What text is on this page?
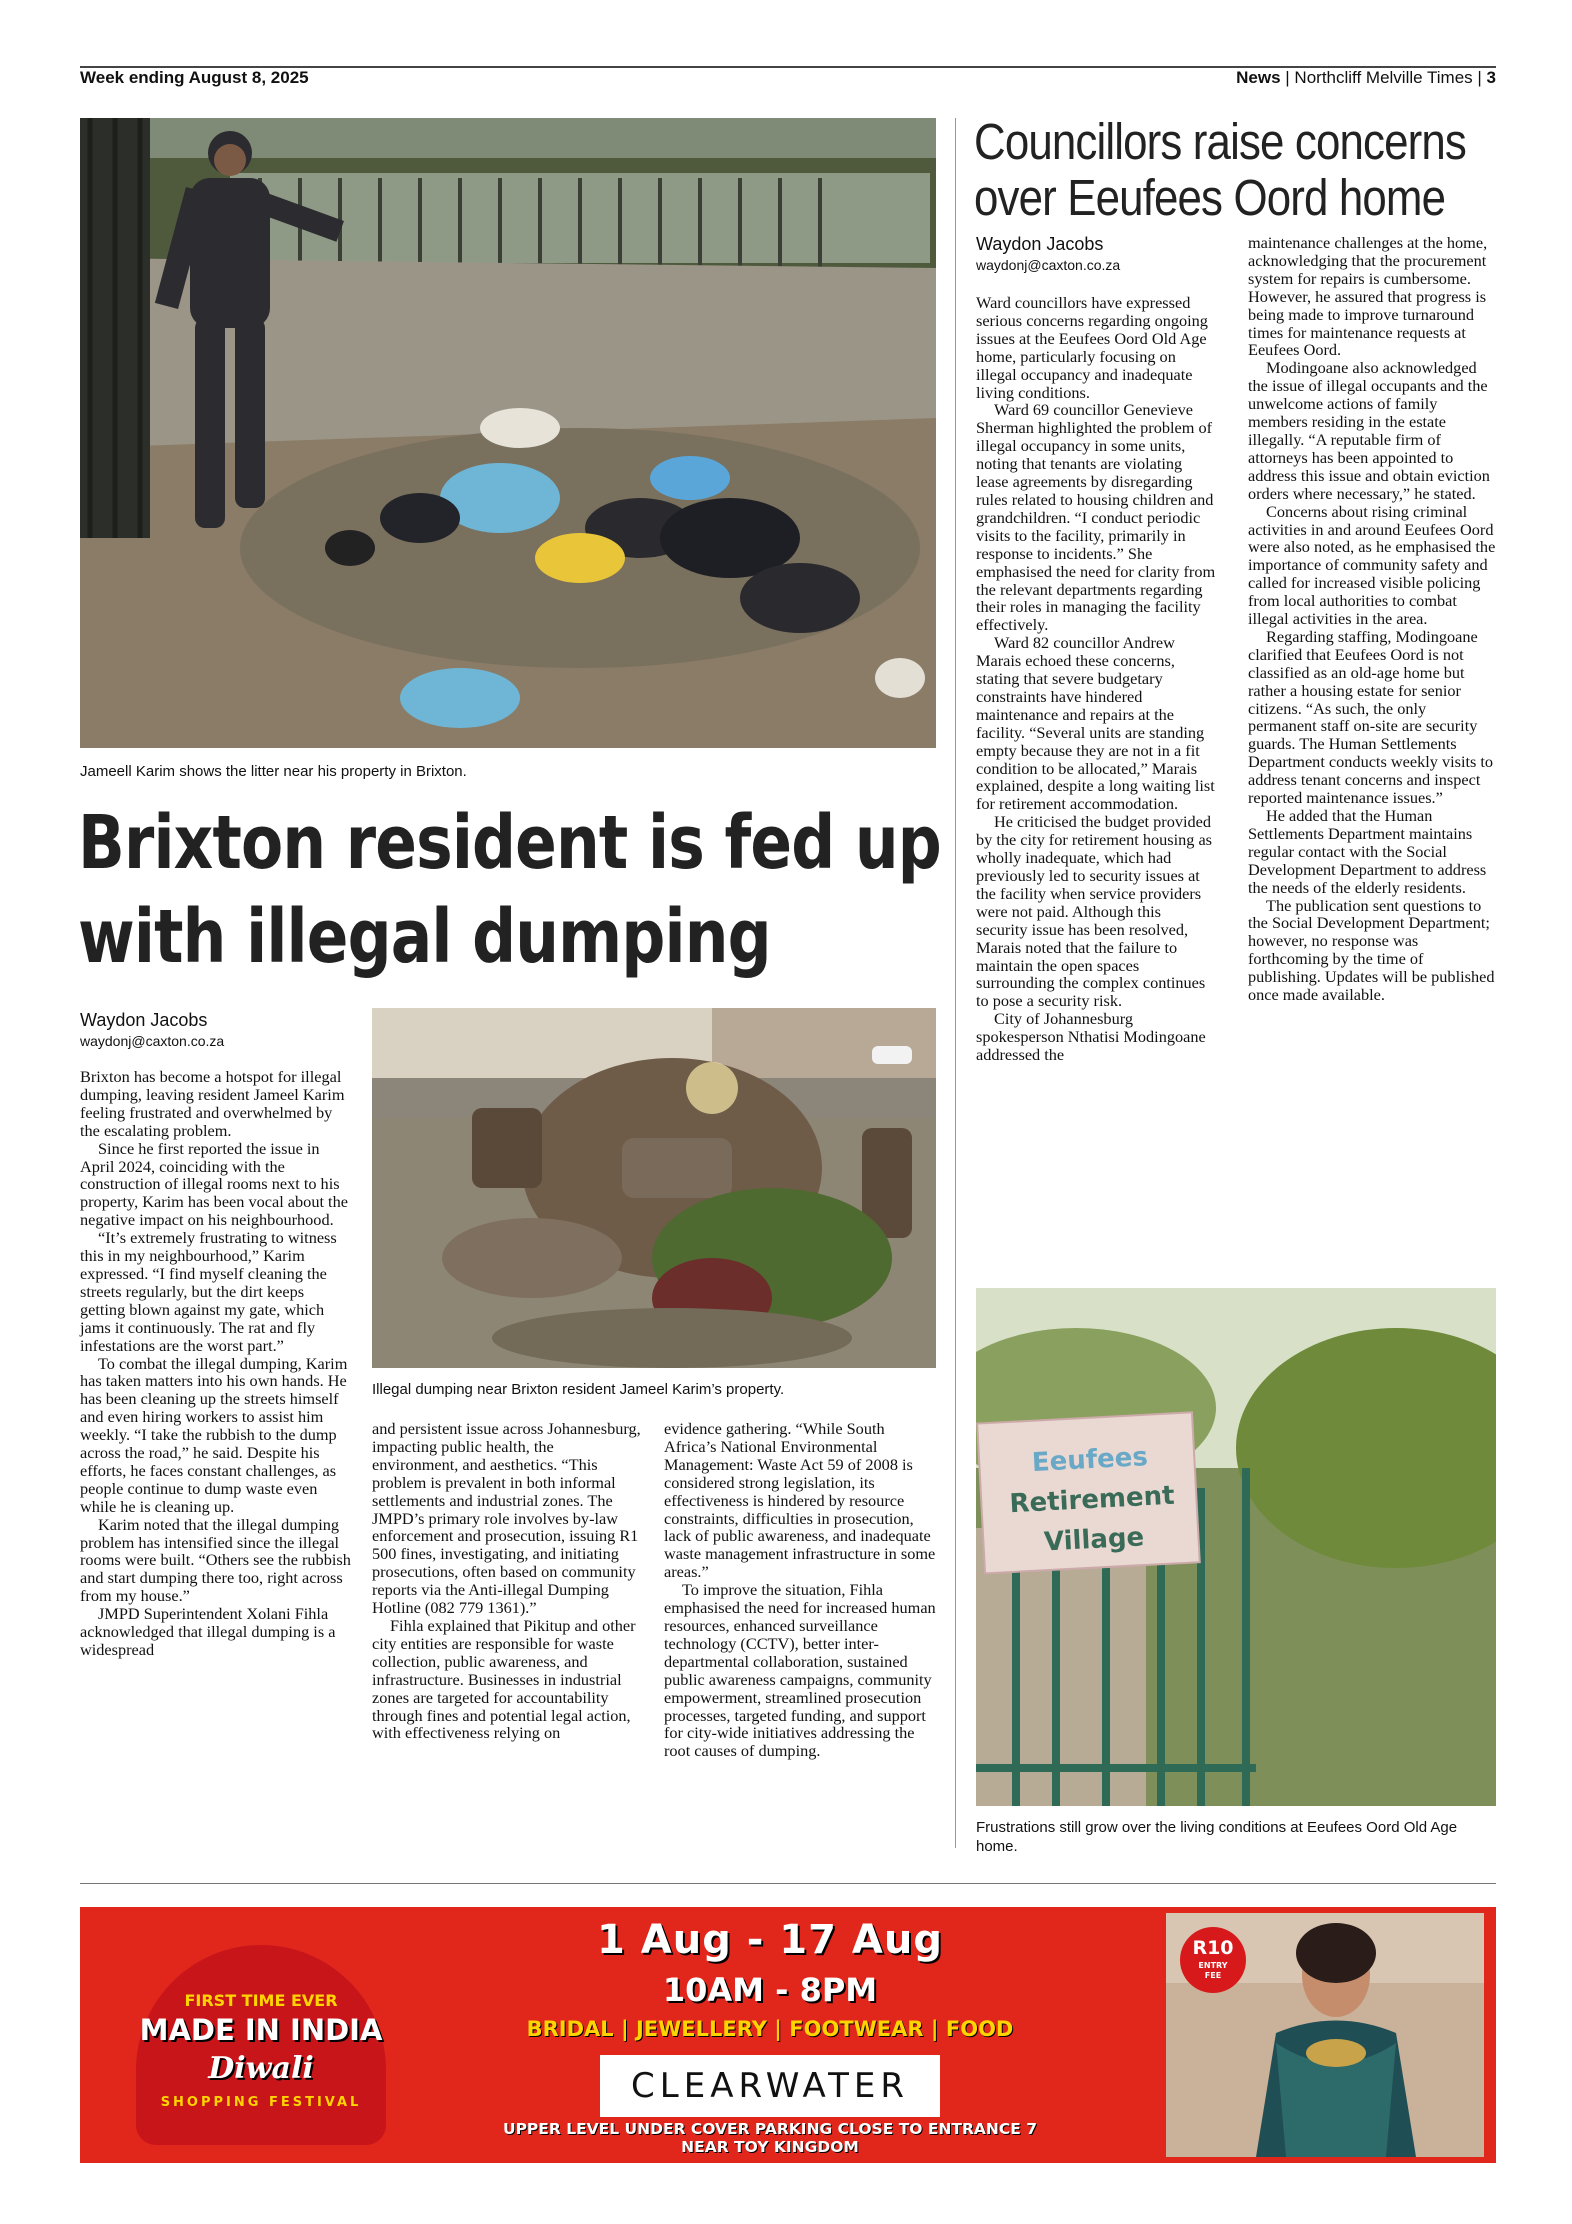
Week ending August 8, 2025	News | Northcliff Melville Times | 3
Jameell Karim shows the litter near his property in Brixton.
Brixton resident is fed up
with illegal dumping
Waydon Jacobs
waydonj@caxton.co.za

Brixton has become a hotspot for illegal dumping, leaving resident Jameel Karim feeling frustrated and overwhelmed by the escalating problem.

Since he first reported the issue in April 2024, coinciding with the construction of illegal rooms next to his property, Karim has been vocal about the negative impact on his neighbourhood.

“It’s extremely frustrating to witness this in my neighbourhood,” Karim expressed. “I find myself cleaning the streets regularly, but the dirt keeps getting blown against my gate, which jams it continuously. The rat and fly infestations are the worst part.”

To combat the illegal dumping, Karim has taken matters into his own hands. He has been cleaning up the streets himself and even hiring workers to assist him weekly. “I take the rubbish to the dump across the road,” he said. Despite his efforts, he faces constant challenges, as people continue to dump waste even while he is cleaning up.

Karim noted that the illegal dumping problem has intensified since the illegal rooms were built. “Others see the rubbish and start dumping there too, right across from my house.”

JMPD Superintendent Xolani Fihla acknowledged that illegal dumping is a widespread

Illegal dumping near Brixton resident Jameel Karim’s property.

and persistent issue across Johannesburg, impacting public health, the environment, and aesthetics. “This problem is prevalent in both informal settlements and industrial zones. The JMPD’s primary role involves by-law enforcement and prosecution, issuing R1 500 fines, investigating, and initiating prosecutions, often based on community reports via the Anti-illegal Dumping Hotline (082 779 1361).”

Fihla explained that Pikitup and other city entities are responsible for waste collection, public awareness, and infrastructure. Businesses in industrial zones are targeted for accountability through fines and potential legal action, with effectiveness relying on

evidence gathering. “While South Africa’s National Environmental Management: Waste Act 59 of 2008 is considered strong legislation, its effectiveness is hindered by resource constraints, difficulties in prosecution, lack of public awareness, and inadequate waste management infrastructure in some areas.”

To improve the situation, Fihla emphasised the need for increased human resources, enhanced surveillance technology (CCTV), better inter-departmental collaboration, sustained public awareness campaigns, community empowerment, streamlined prosecution processes, targeted funding, and support for city-wide initiatives addressing the root causes of dumping.

Councillors raise concerns
over Eeufees Oord home
Waydon Jacobs
waydonj@caxton.co.za

Ward councillors have expressed serious concerns regarding ongoing issues at the Eeufees Oord Old Age home, particularly focusing on illegal occupancy and inadequate living conditions.

Ward 69 councillor Genevieve Sherman highlighted the problem of illegal occupancy in some units, noting that tenants are violating lease agreements by disregarding rules related to housing children and grandchildren. “I conduct periodic visits to the facility, primarily in response to incidents.” She emphasised the need for clarity from the relevant departments regarding their roles in managing the facility effectively.

Ward 82 councillor Andrew Marais echoed these concerns, stating that severe budgetary constraints have hindered maintenance and repairs at the facility. “Several units are standing empty because they are not in a fit condition to be allocated,” Marais explained, despite a long waiting list for retirement accommodation.

He criticised the budget provided by the city for retirement housing as wholly inadequate, which had previously led to security issues at the facility when service providers were not paid. Although this security issue has been resolved, Marais noted that the failure to maintain the open spaces surrounding the complex continues to pose a security risk.

City of Johannesburg spokesperson Nthatisi Modingoane addressed the

maintenance challenges at the home, acknowledging that the procurement system for repairs is cumbersome. However, he assured that progress is being made to improve turnaround times for maintenance requests at Eeufees Oord.

Modingoane also acknowledged the issue of illegal occupants and the unwelcome actions of family members residing in the estate illegally. “A reputable firm of attorneys has been appointed to address this issue and obtain eviction orders where necessary,” he stated.

Concerns about rising criminal activities in and around Eeufees Oord were also noted, as he emphasised the importance of community safety and called for increased visible policing from local authorities to combat illegal activities in the area.

Regarding staffing, Modingoane clarified that Eeufees Oord is not classified as an old-age home but rather a housing estate for senior citizens. “As such, the only permanent staff on-site are security guards. The Human Settlements Department conducts weekly visits to address tenant concerns and inspect reported maintenance issues.”

He added that the Human Settlements Department maintains regular contact with the Social Development Department to address the needs of the elderly residents.

The publication sent questions to the Social Development Department; however, no response was forthcoming by the time of publishing. Updates will be published once made available.

Eeufees
Retirement
Village
Frustrations still grow over the living conditions at Eeufees Oord Old Age home.
FIRST TIME EVER
MADE IN INDIA
Diwali
SHOPPING FESTIVAL
1 Aug - 17 Aug
10AM - 8PM
BRIDAL | JEWELLERY | FOOTWEAR | FOOD
CLEARWATER
UPPER LEVEL UNDER COVER PARKING CLOSE TO ENTRANCE 7
NEAR TOY KINGDOM
R10
ENTRY
FEE
